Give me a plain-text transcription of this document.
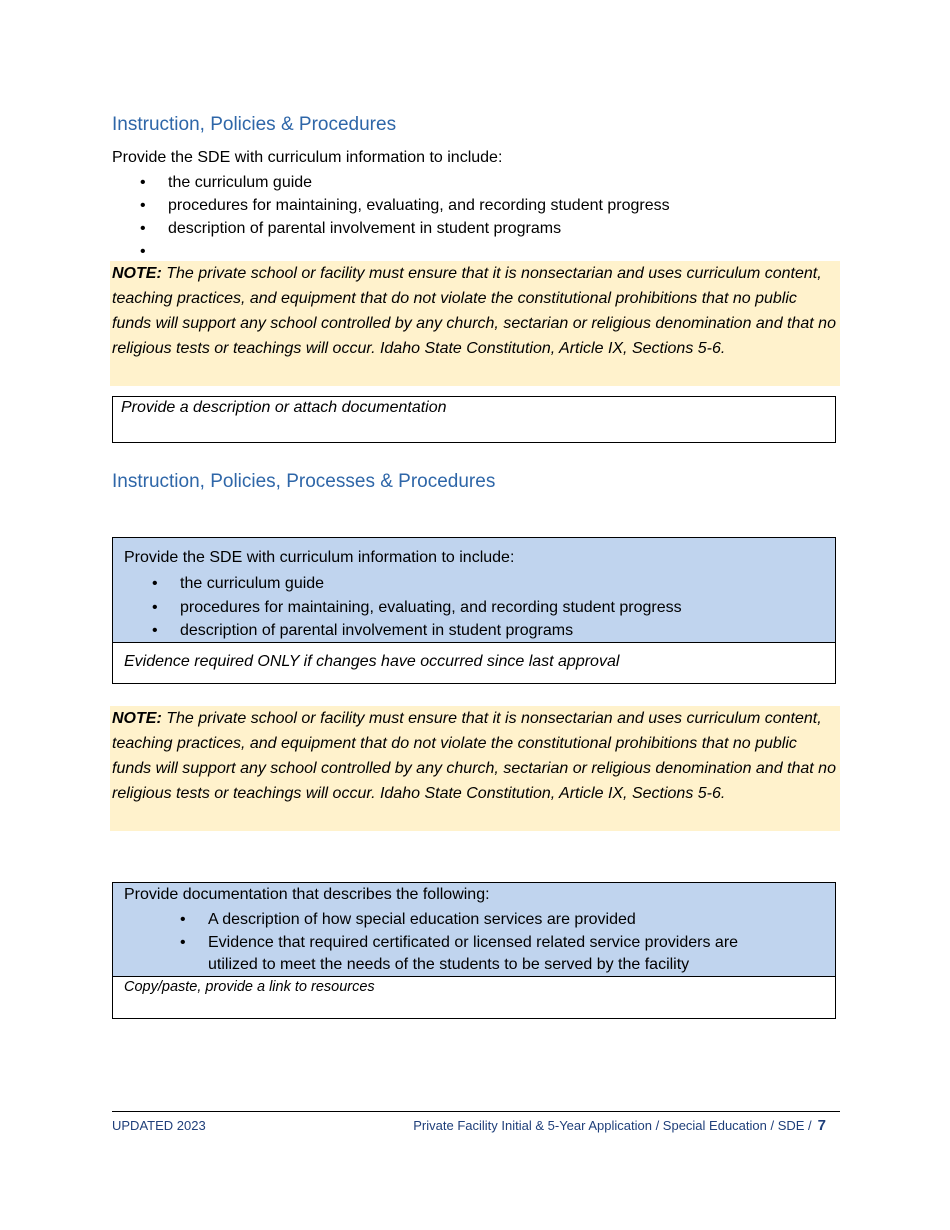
Instruction, Policies & Procedures

Provide the SDE with curriculum information to include:

• the curriculum guide
• procedures for maintaining, evaluating, and recording student progress
• description of parental involvement in student programs
•
NOTE: The private school or facility must ensure that it is nonsectarian and uses curriculum content, teaching practices, and equipment that do not violate the constitutional prohibitions that no public funds will support any school controlled by any church, sectarian or religious denomination and that no religious tests or teachings will occur. Idaho State Constitution, Article IX, Sections 5-6.
Provide a description or attach documentation
Instruction, Policies, Processes & Procedures
Provide the SDE with curriculum information to include:
• the curriculum guide
• procedures for maintaining, evaluating, and recording student progress
• description of parental involvement in student programs
Evidence required ONLY if changes have occurred since last approval
NOTE: The private school or facility must ensure that it is nonsectarian and uses curriculum content, teaching practices, and equipment that do not violate the constitutional prohibitions that no public funds will support any school controlled by any church, sectarian or religious denomination and that no religious tests or teachings will occur. Idaho State Constitution, Article IX, Sections 5-6.
Provide documentation that describes the following:
• A description of how special education services are provided
• Evidence that required certificated or licensed related service providers are
utilized to meet the needs of the students to be served by the facility
Copy/paste, provide a link to resources
UPDATED 2023	Private Facility Initial & 5-Year Application / Special Education / SDE / 7
